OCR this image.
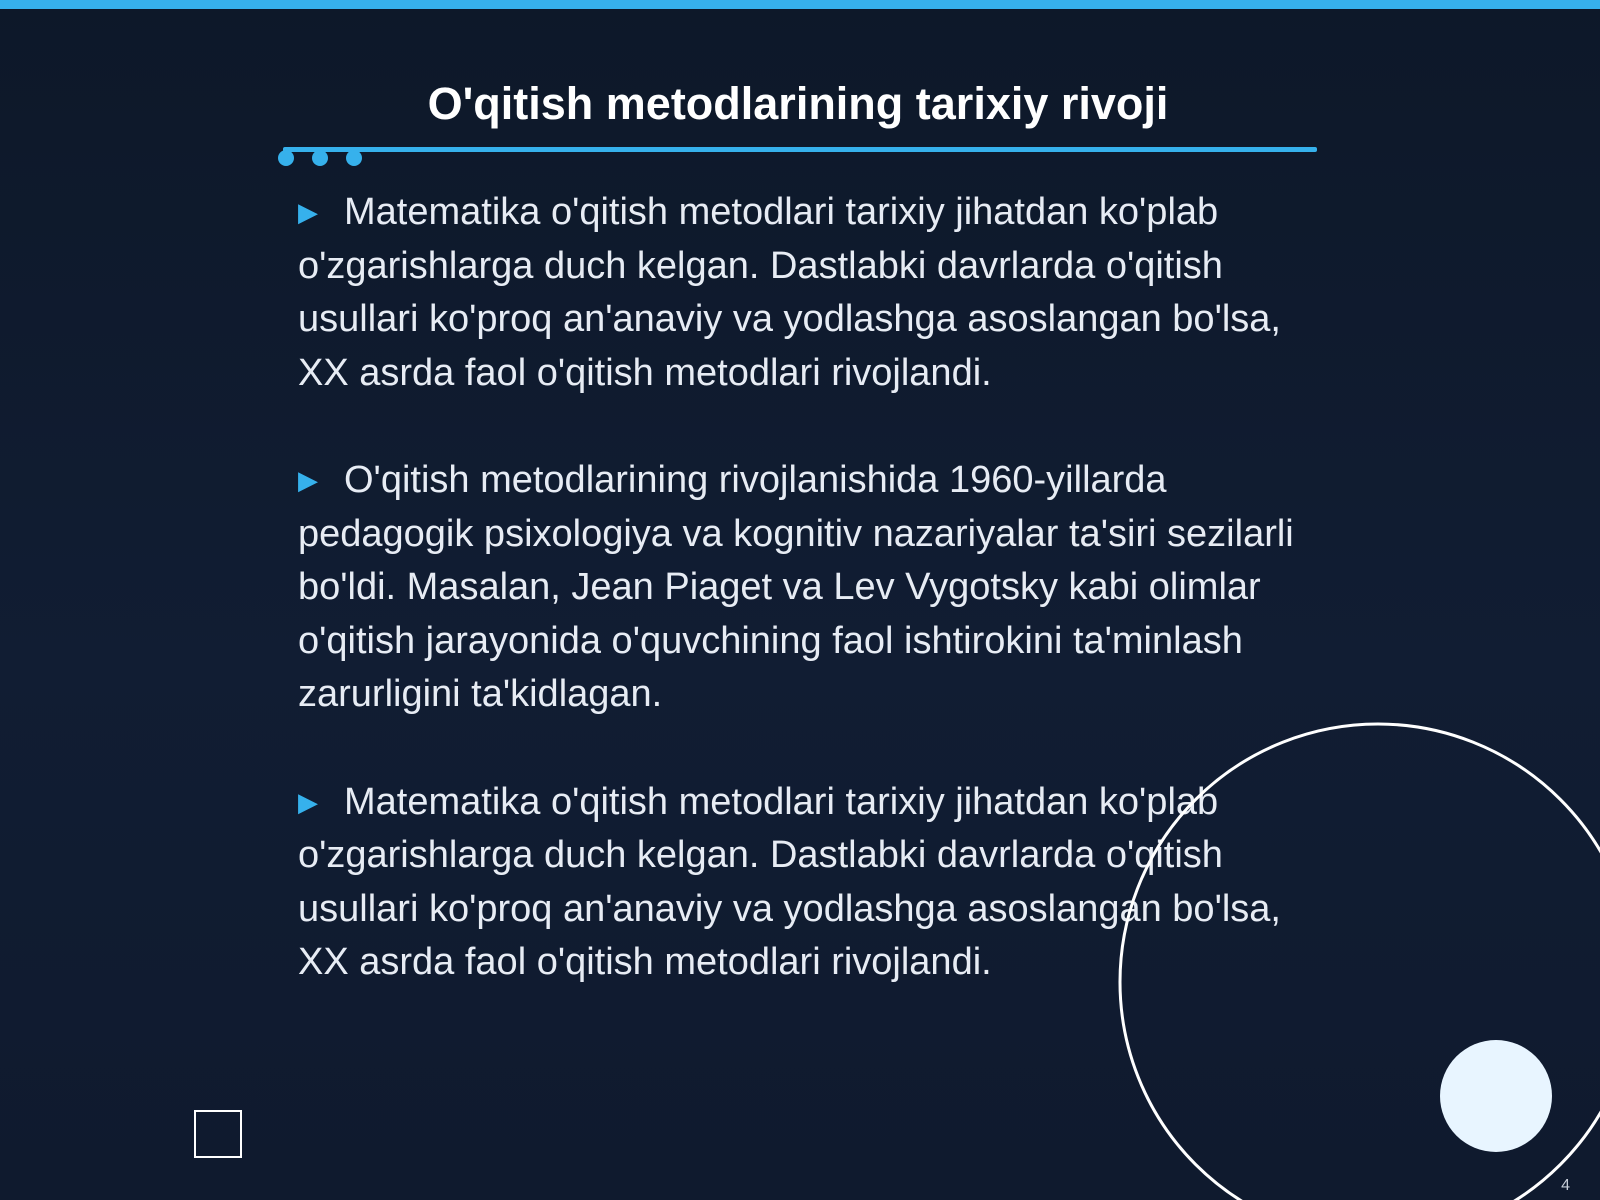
O'qitish metodlarining tarixiy rivoji
▶ Matematika o'qitish metodlari tarixiy jihatdan ko'plab o'zgarishlarga duch kelgan. Dastlabki davrlarda o'qitish usullari ko'proq an'anaviy va yodlashga asoslangan bo'lsa, XX asrda faol o'qitish metodlari rivojlandi.
▶ O'qitish metodlarining rivojlanishida 1960-yillarda pedagogik psixologiya va kognitiv nazariyalar ta'siri sezilarli bo'ldi. Masalan, Jean Piaget va Lev Vygotsky kabi olimlar o'qitish jarayonida o'quvchining faol ishtirokini ta'minlash zarurligini ta'kidlagan.
▶ Matematika o'qitish metodlari tarixiy jihatdan ko'plab o'zgarishlarga duch kelgan. Dastlabki davrlarda o'qitish usullari ko'proq an'anaviy va yodlashga asoslangan bo'lsa, XX asrda faol o'qitish metodlari rivojlandi.
4
